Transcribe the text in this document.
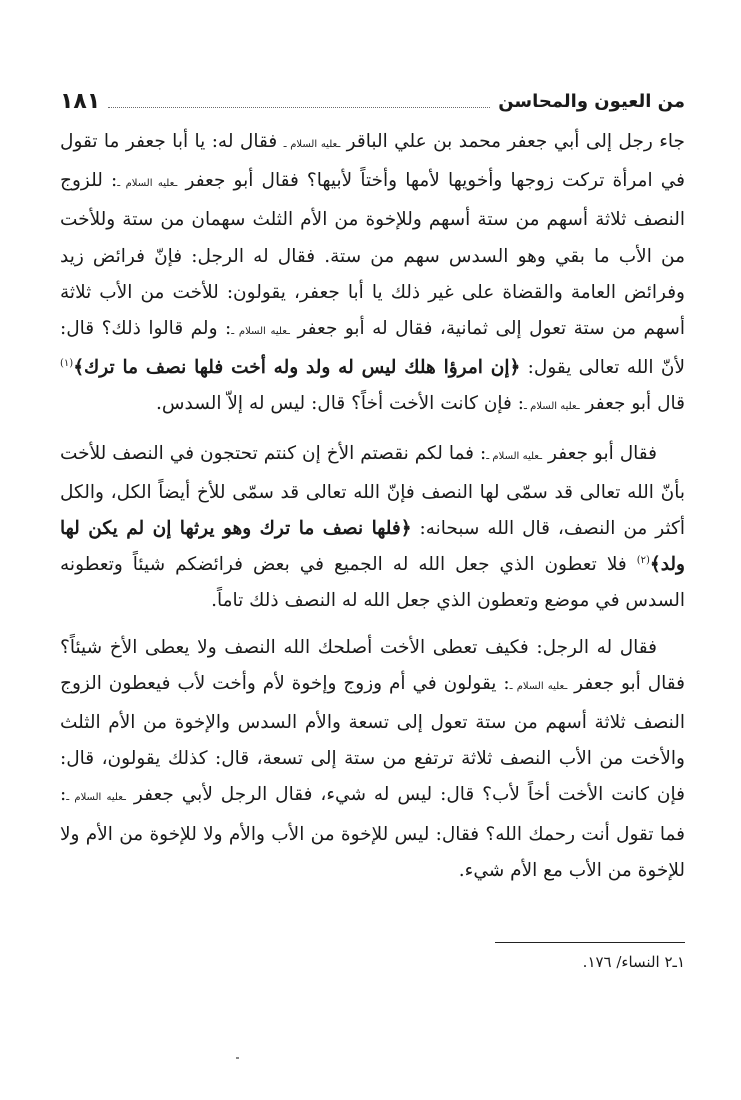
من العيون والمحاسن
١٨١

جاء رجل إلى أبي جعفر محمد بن علي الباقر ـعليه السلام ـ فقال له: يا أبا جعفر ما تقول في امرأة تركت زوجها وأخويها لأمها وأختاً لأبيها؟ فقال أبو جعفر ـعليه السلام ـ: للزوج النصف ثلاثة أسهم من ستة أسهم وللإخوة من الأم الثلث سهمان من ستة وللأخت من الأب ما بقي وهو السدس سهم من ستة. فقال له الرجل: فإنّ فرائض زيد وفرائض العامة والقضاة على غير ذلك يا أبا جعفر، يقولون: للأخت من الأب ثلاثة أسهم من ستة تعول إلى ثمانية، فقال له أبو جعفر ـعليه السلام ـ: ولم قالوا ذلك؟ قال: لأنّ الله تعالى يقول: ﴿إن امرؤا هلك ليس له ولد وله أخت فلها نصف ما ترك﴾$^{(١)}$ قال أبو جعفر ـعليه السلام ـ: فإن كانت الأخت أخاً؟ قال: ليس له إلاّ السدس.

فقال أبو جعفر ـعليه السلام ـ: فما لكم نقصتم الأخ إن كنتم تحتجون في النصف للأخت بأنّ الله تعالى قد سمّى لها النصف فإنّ الله تعالى قد سمّى للأخ أيضاً الكل، والكل أكثر من النصف، قال الله سبحانه: ﴿فلها نصف ما ترك وهو يرثها إن لم يكن لها ولد﴾$^{(٢)}$ فلا تعطون الذي جعل الله له الجميع في بعض فرائضكم شيئاً وتعطونه السدس في موضع وتعطون الذي جعل الله له النصف ذلك تاماً.

فقال له الرجل: فكيف تعطى الأخت أصلحك الله النصف ولا يعطى الأخ شيئاً؟ فقال أبو جعفر ـعليه السلام ـ: يقولون في أم وزوج وإخوة لأم وأخت لأب فيعطون الزوج النصف ثلاثة أسهم من ستة تعول إلى تسعة والأم السدس والإخوة من الأم الثلث والأخت من الأب النصف ثلاثة ترتفع من ستة إلى تسعة، قال: كذلك يقولون، قال: فإن كانت الأخت أخاً لأب؟ قال: ليس له شيء، فقال الرجل لأبي جعفر ـعليه السلام ـ: فما تقول أنت رحمك الله؟ فقال: ليس للإخوة من الأب والأم ولا للإخوة من الأم ولا للإخوة من الأب مع الأم شيء.

١ـ٢ النساء/ ١٧٦.
